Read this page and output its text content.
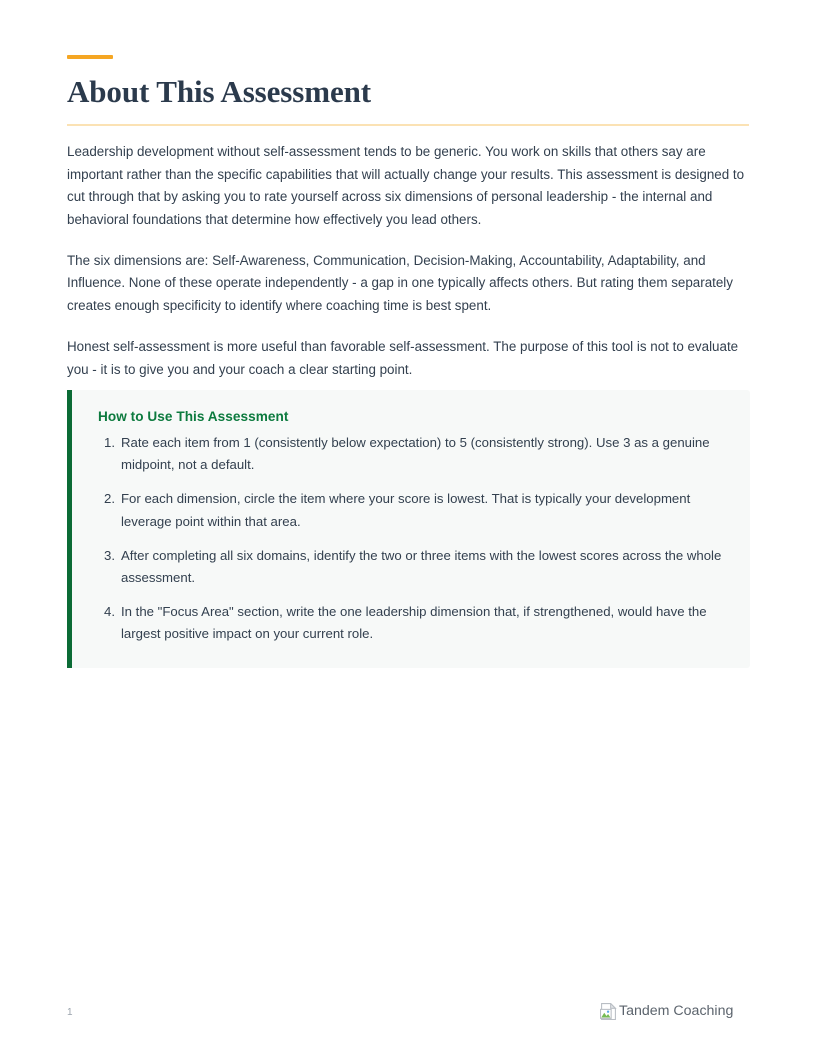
About This Assessment

Leadership development without self-assessment tends to be generic. You work on skills that others say are important rather than the specific capabilities that will actually change your results. This assessment is designed to cut through that by asking you to rate yourself across six dimensions of personal leadership - the internal and behavioral foundations that determine how effectively you lead others.

The six dimensions are: Self-Awareness, Communication, Decision-Making, Accountability, Adaptability, and Influence. None of these operate independently - a gap in one typically affects others. But rating them separately creates enough specificity to identify where coaching time is best spent.

Honest self-assessment is more useful than favorable self-assessment. The purpose of this tool is not to evaluate you - it is to give you and your coach a clear starting point.

How to Use This Assessment
Rate each item from 1 (consistently below expectation) to 5 (consistently strong). Use 3 as a genuine midpoint, not a default.
For each dimension, circle the item where your score is lowest. That is typically your development leverage point within that area.
After completing all six domains, identify the two or three items with the lowest scores across the whole assessment.
In the "Focus Area" section, write the one leadership dimension that, if strengthened, would have the largest positive impact on your current role.
1	Tandem Coaching
